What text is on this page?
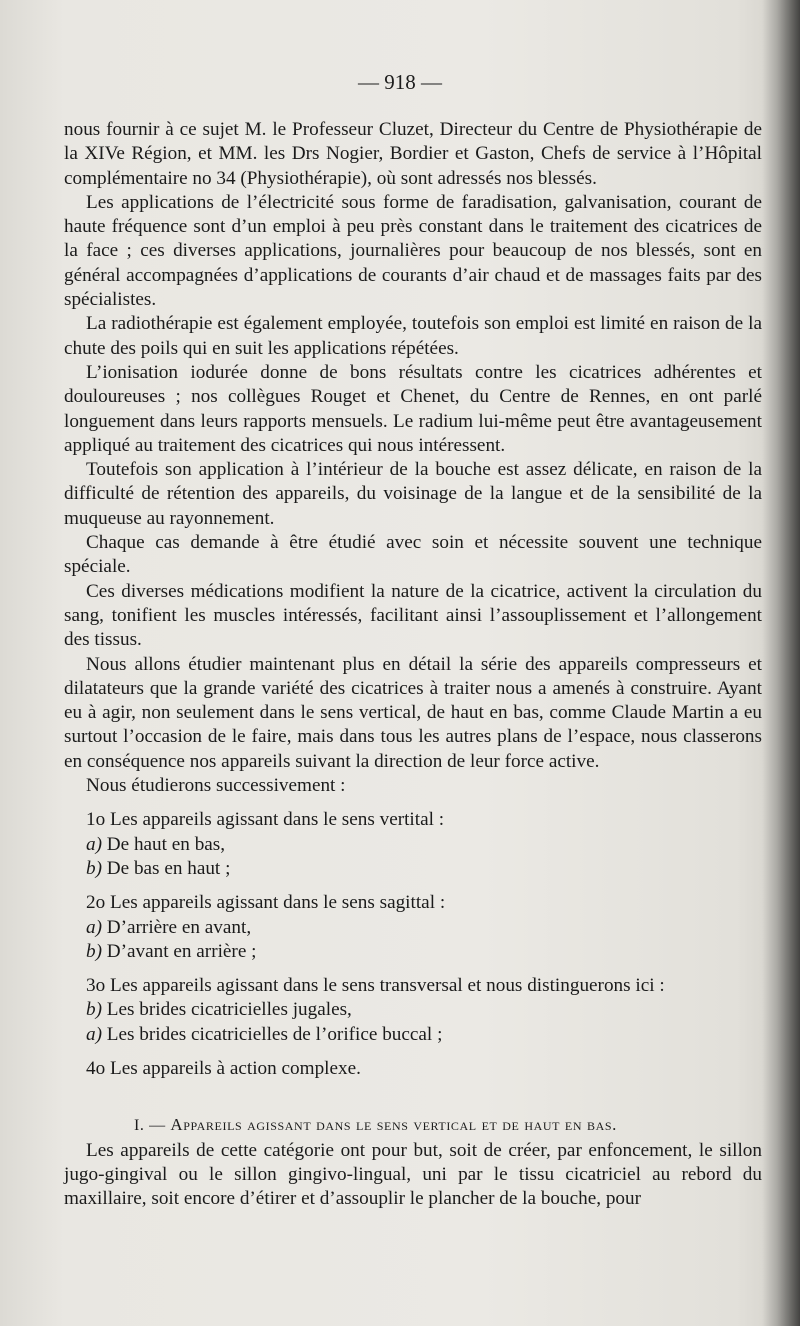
— 918 —

nous fournir à ce sujet M. le Professeur Cluzet, Directeur du Centre de Physiothérapie de la XIVe Région, et MM. les Drs Nogier, Bordier et Gaston, Chefs de service à l’Hôpital complémentaire no 34 (Physiothérapie), où sont adressés nos blessés.

Les applications de l’électricité sous forme de faradisation, galvanisation, courant de haute fréquence sont d’un emploi à peu près constant dans le traitement des cicatrices de la face ; ces diverses applications, journalières pour beaucoup de nos blessés, sont en général accompagnées d’applications de courants d’air chaud et de massages faits par des spécialistes.

La radiothérapie est également employée, toutefois son emploi est limité en raison de la chute des poils qui en suit les applications répétées.

L’ionisation iodurée donne de bons résultats contre les cicatrices adhérentes et douloureuses ; nos collègues Rouget et Chenet, du Centre de Rennes, en ont parlé longuement dans leurs rapports mensuels. Le radium lui-même peut être avantageusement appliqué au traitement des cicatrices qui nous intéressent.

Toutefois son application à l’intérieur de la bouche est assez délicate, en raison de la difficulté de rétention des appareils, du voisinage de la langue et de la sensibilité de la muqueuse au rayonnement.

Chaque cas demande à être étudié avec soin et nécessite souvent une technique spéciale.

Ces diverses médications modifient la nature de la cicatrice, activent la circulation du sang, tonifient les muscles intéressés, facilitant ainsi l’assouplissement et l’allongement des tissus.

Nous allons étudier maintenant plus en détail la série des appareils compresseurs et dilatateurs que la grande variété des cicatrices à traiter nous a amenés à construire. Ayant eu à agir, non seulement dans le sens vertical, de haut en bas, comme Claude Martin a eu surtout l’occasion de le faire, mais dans tous les autres plans de l’espace, nous classerons en conséquence nos appareils suivant la direction de leur force active.

Nous étudierons successivement :

1o Les appareils agissant dans le sens vertital :
a) De haut en bas,
b) De bas en haut ;
2o Les appareils agissant dans le sens sagittal :
a) D’arrière en avant,
b) D’avant en arrière ;
3o Les appareils agissant dans le sens transversal et nous distinguerons ici :
b) Les brides cicatricielles jugales,
a) Les brides cicatricielles de l’orifice buccal ;
4o Les appareils à action complexe.
I. — Appareils agissant dans le sens vertical et de haut en bas.

Les appareils de cette catégorie ont pour but, soit de créer, par enfoncement, le sillon jugo-gingival ou le sillon gingivo-lingual, uni par le tissu cicatriciel au rebord du maxillaire, soit encore d’étirer et d’assouplir le plancher de la bouche, pour
